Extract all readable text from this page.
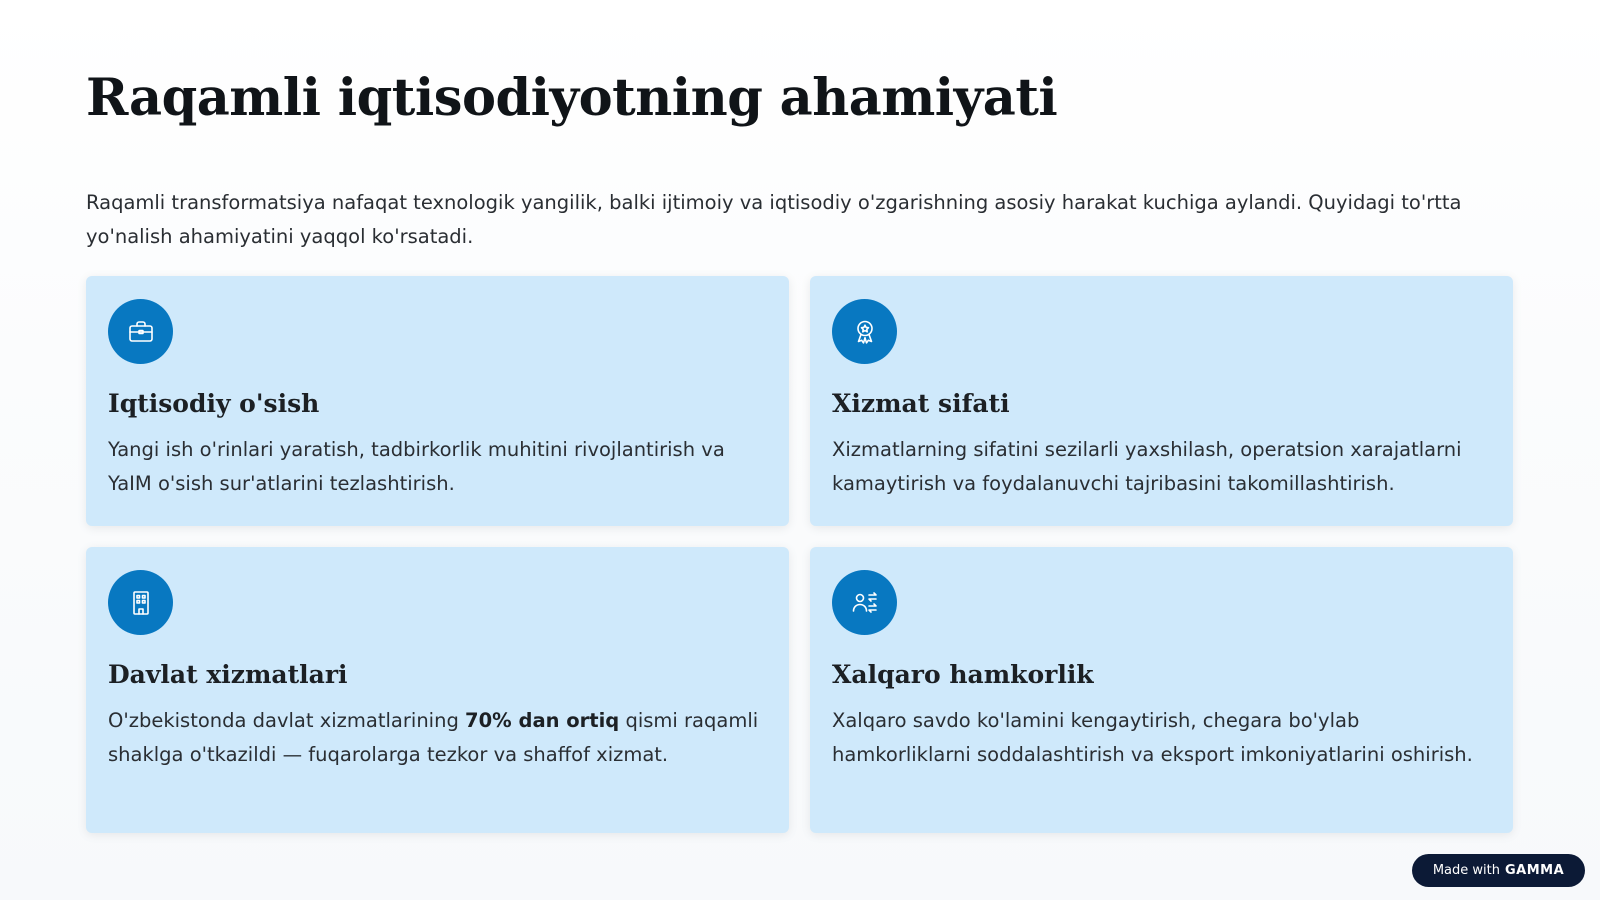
Raqamli iqtisodiyotning ahamiyati

Raqamli transformatsiya nafaqat texnologik yangilik, balki ijtimoiy va iqtisodiy o'zgarishning asosiy harakat kuchiga aylandi. Quyidagi to'rtta yo'nalish ahamiyatini yaqqol ko'rsatadi.

Iqtisodiy o'sish

Yangi ish o'rinlari yaratish, tadbirkorlik muhitini rivojlantirish va YaIM o'sish sur'atlarini tezlashtirish.

Xizmat sifati

Xizmatlarning sifatini sezilarli yaxshilash, operatsion xarajatlarni kamaytirish va foydalanuvchi tajribasini takomillashtirish.

Davlat xizmatlari

O'zbekistonda davlat xizmatlarining 70% dan ortiq qismi raqamli shaklga o'tkazildi — fuqarolarga tezkor va shaffof xizmat.

Xalqaro hamkorlik

Xalqaro savdo ko'lamini kengaytirish, chegara bo'ylab hamkorliklarni soddalashtirish va eksport imkoniyatlarini oshirish.

Made with GAMMA
